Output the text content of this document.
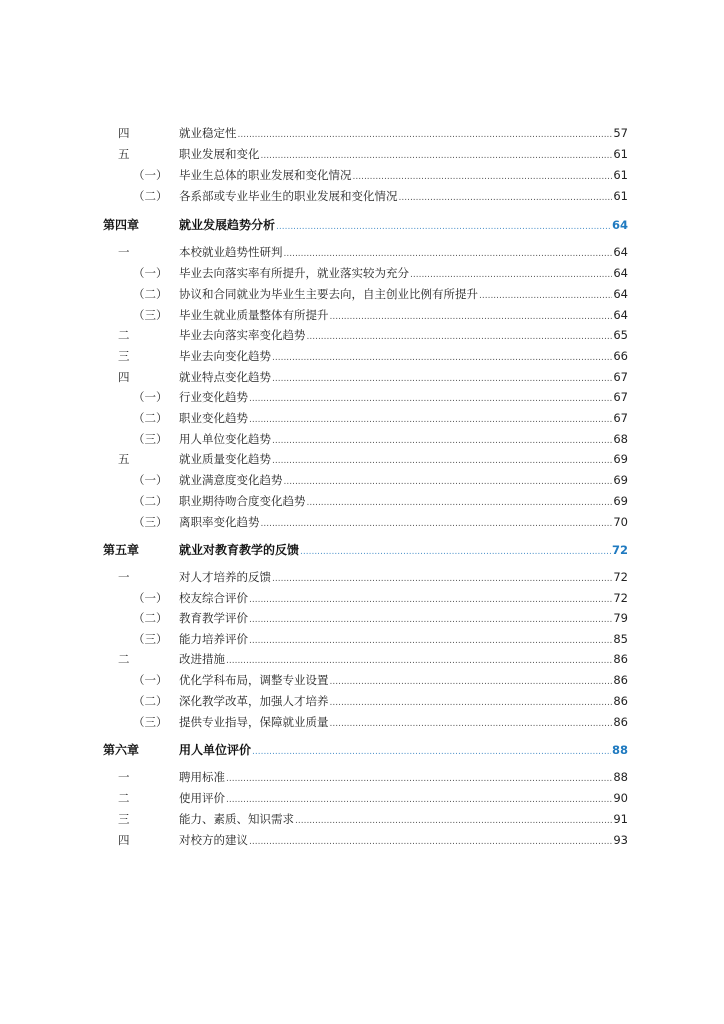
四	就业稳定性 .....	57
五	职业发展和变化 .....	61
（一） 毕业生总体的职业发展和变化情况 .....	61
（二） 各系部或专业毕业生的职业发展和变化情况 .....	61
第四章	就业发展趋势分析 .....	64
一	本校就业趋势性研判 .....	64
（一） 毕业去向落实率有所提升，就业落实较为充分 .....	64
（二） 协议和合同就业为毕业生主要去向，自主创业比例有所提升 .....	64
（三） 毕业生就业质量整体有所提升 .....	64
二	毕业去向落实率变化趋势 .....	65
三	毕业去向变化趋势 .....	66
四	就业特点变化趋势 .....	67
（一） 行业变化趋势 .....	67
（二） 职业变化趋势 .....	67
（三） 用人单位变化趋势 .....	68
五	就业质量变化趋势 .....	69
（一） 就业满意度变化趋势 .....	69
（二） 职业期待吻合度变化趋势 .....	69
（三） 离职率变化趋势 .....	70
第五章	就业对教育教学的反馈 .....	72
一	对人才培养的反馈 .....	72
（一） 校友综合评价 .....	72
（二） 教育教学评价 .....	79
（三） 能力培养评价 .....	85
二	改进措施 .....	86
（一） 优化学科布局，调整专业设置 .....	86
（二） 深化教学改革，加强人才培养 .....	86
（三） 提供专业指导，保障就业质量 .....	86
第六章	用人单位评价 .....	88
一	聘用标准 .....	88
二	使用评价 .....	90
三	能力、素质、知识需求 .....	91
四	对校方的建议 .....	93
